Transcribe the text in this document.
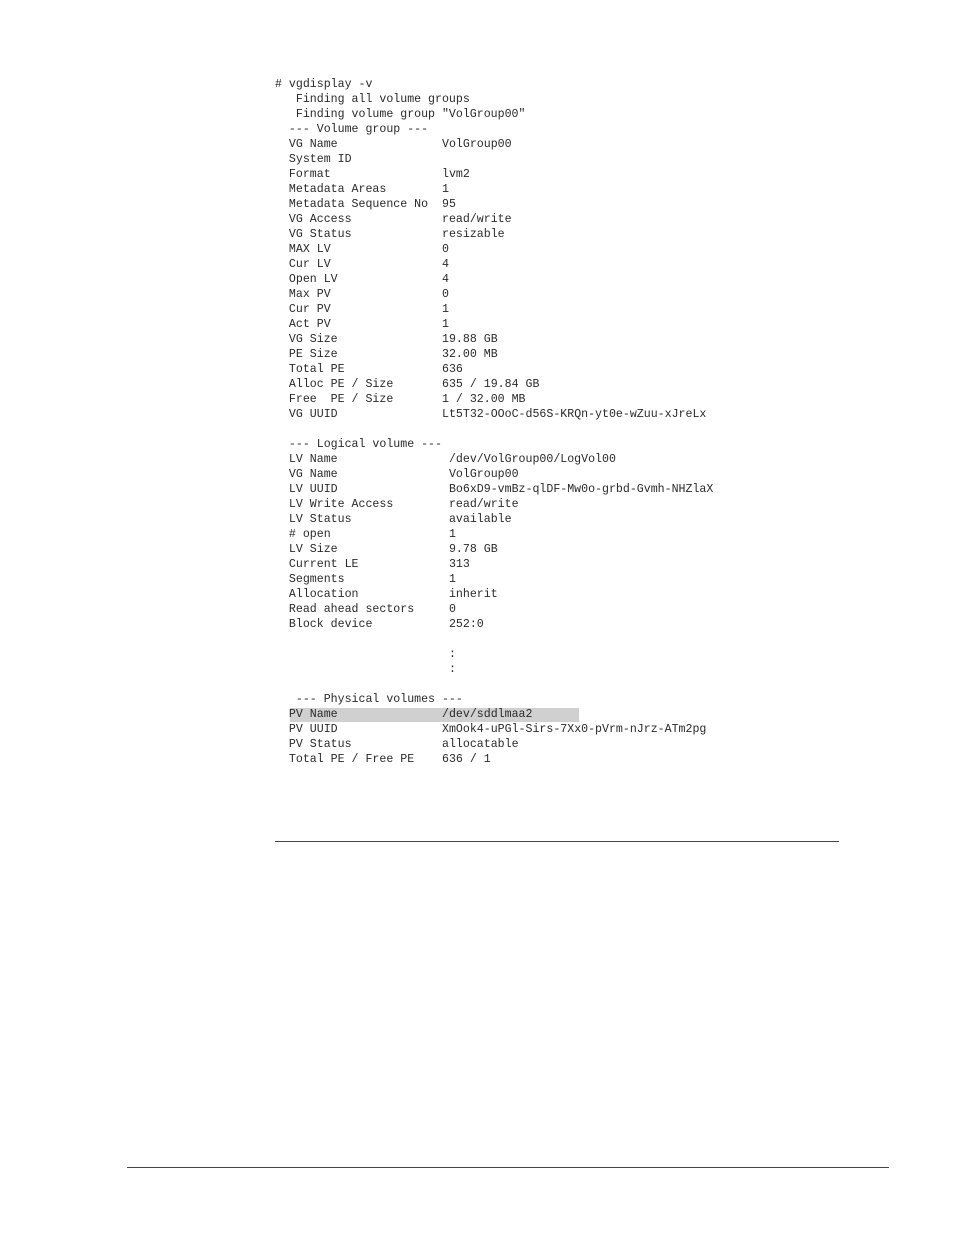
# vgdisplay -v
Finding all volume groups
Finding volume group "VolGroup00"
--- Volume group ---
VG Name	VolGroup00
System ID
Format	lvm2
Metadata Areas	1
Metadata Sequence No 95
VG Access	read/write
VG Status	resizable
MAX LV	0
Cur LV	4
Open LV	4
Max PV	0
Cur PV	1
Act PV	1
VG Size	19.88 GB
PE Size	32.00 MB
Total PE	636
Alloc PE / Size	635 / 19.84 GB
Free  PE / Size	1 / 32.00 MB
VG UUID	Lt5T32-OOoC-d56S-KRQn-yt0e-wZuu-xJreLx
--- Logical volume ---
LV Name	/dev/VolGroup00/LogVol00
VG Name	VolGroup00
LV UUID	Bo6xD9-vmBz-qlDF-Mw0o-grbd-Gvmh-NHZlaX
LV Write Access	read/write
LV Status	available
# open	1
LV Size	9.78 GB
Current LE	313
Segments	1
Allocation	inherit
Read ahead sectors	0
Block device	252:0
:
:
--- Physical volumes ---
PV Name	/dev/sddlmaa2
PV UUID	XmOok4-uPGl-Sirs-7Xx0-pVrm-nJrz-ATm2pg
PV Status	allocatable
Total PE / Free PE 636 / 1
